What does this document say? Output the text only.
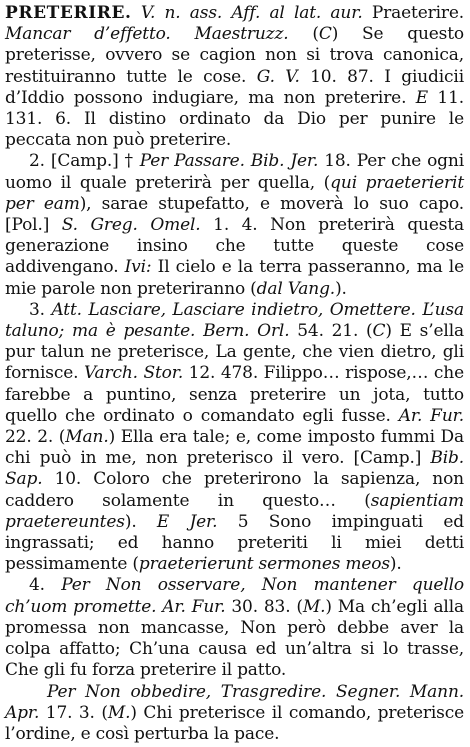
PRETERIRE. V. n. ass. Aff. al lat. aur. Praeterire. Mancar d’effetto. Maestruzz. (C) Se questo preterisse, ovvero se cagion non si trova canonica, restituiranno tutte le cose. G. V. 10. 87. I giudicii d’Iddio possono indugiare, ma non preterire. E 11. 131. 6. Il distino ordinato da Dio per punire le peccata non può preterire.

2. [Camp.] † Per Passare. Bib. Jer. 18. Per che ogni uomo il quale preterirà per quella, (qui praeterierit per eam), sarae stupefatto, e moverà lo suo capo. [Pol.] S. Greg. Omel. 1. 4. Non preterirà questa generazione insino che tutte queste cose addivengano. Ivi: Il cielo e la terra passeranno, ma le mie parole non preteriranno (dal Vang.).

3. Att. Lasciare, Lasciare indietro, Omettere. L’usa taluno; ma è pesante. Bern. Orl. 54. 21. (C) E s’ella pur talun ne preterisce, La gente, che vien dietro, gli fornisce. Varch. Stor. 12. 478. Filippo… rispose,… che farebbe a puntino, senza preterire un jota, tutto quello che ordinato o comandato egli fusse. Ar. Fur. 22. 2. (Man.) Ella era tale; e, come imposto fummi Da chi può in me, non preterisco il vero. [Camp.] Bib. Sap. 10. Coloro che preterirono la sapienza, non caddero solamente in questo… (sapientiam praetereuntes). E Jer. 5 Sono impinguati ed ingrassati; ed hanno preteriti li miei detti pessimamente (praeterierunt sermones meos).

4. Per Non osservare, Non mantener quello ch’uom promette. Ar. Fur. 30. 83. (M.) Ma ch’egli alla promessa non mancasse, Non però debbe aver la colpa affatto; Ch’una causa ed un’altra si lo trasse, Che gli fu forza preterire il patto.

Per Non obbedire, Trasgredire. Segner. Mann. Apr. 17. 3. (M.) Chi preterisce il comando, preterisce l’ordine, e così perturba la pace.
